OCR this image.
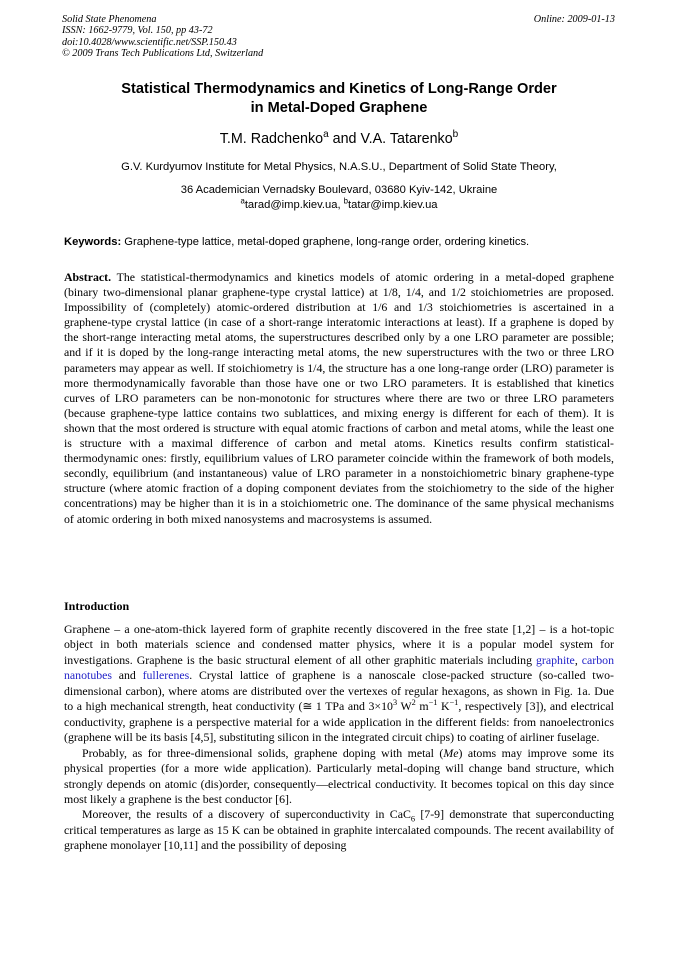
Solid State Phenomena
ISSN: 1662-9779, Vol. 150, pp 43-72
doi:10.4028/www.scientific.net/SSP.150.43
© 2009 Trans Tech Publications Ltd, Switzerland
Online: 2009-01-13
Statistical Thermodynamics and Kinetics of Long-Range Order
in Metal-Doped Graphene
T.M. Radchenko$^a$ and V.A. Tatarenko$^b$
G.V. Kurdyumov Institute for Metal Physics, N.A.S.U., Department of Solid State Theory,
36 Academician Vernadsky Boulevard, 03680 Kyiv-142, Ukraine
$^a$tarad@imp.kiev.ua, $^b$tatar@imp.kiev.ua
Keywords: Graphene-type lattice, metal-doped graphene, long-range order, ordering kinetics.
Abstract. The statistical-thermodynamics and kinetics models of atomic ordering in a metal-doped graphene (binary two-dimensional planar graphene-type crystal lattice) at 1/8, 1/4, and 1/2 stoichiometries are proposed. Impossibility of (completely) atomic-ordered distribution at 1/6 and 1/3 stoichiometries is ascertained in a graphene-type crystal lattice (in case of a short-range interatomic interactions at least). If a graphene is doped by the short-range interacting metal atoms, the superstructures described only by a one LRO parameter are possible; and if it is doped by the long-range interacting metal atoms, the new superstructures with the two or three LRO parameters may appear as well. If stoichiometry is 1/4, the structure has a one long-range order (LRO) parameter is more thermodynamically favorable than those have one or two LRO parameters. It is established that kinetics curves of LRO parameters can be non-monotonic for structures where there are two or three LRO parameters (because graphene-type lattice contains two sublattices, and mixing energy is different for each of them). It is shown that the most ordered is structure with equal atomic fractions of carbon and metal atoms, while the least one is structure with a maximal difference of carbon and metal atoms. Kinetics results confirm statistical-thermodynamic ones: firstly, equilibrium values of LRO parameter coincide within the framework of both models, secondly, equilibrium (and instantaneous) value of LRO parameter in a nonstoichiometric binary graphene-type structure (where atomic fraction of a doping component deviates from the stoichiometry to the side of the higher concentrations) may be higher than it is in a stoichiometric one. The dominance of the same physical mechanisms of atomic ordering in both mixed nanosystems and macrosystems is assumed.
Introduction

Graphene – a one-atom-thick layered form of graphite recently discovered in the free state [1,2] – is a hot-topic object in both materials science and condensed matter physics, where it is a popular model system for investigations. Graphene is the basic structural element of all other graphitic materials including graphite, carbon nanotubes and fullerenes. Crystal lattice of graphene is a nanoscale close-packed structure (so-called two-dimensional carbon), where atoms are distributed over the vertexes of regular hexagons, as shown in Fig. 1a. Due to a high mechanical strength, heat conductivity (≅ 1 TPa and $3\times 10^3$ $W^2$ $m^{-1}$ $K^{-1}$, respectively [3]), and electrical conductivity, graphene is a perspective material for a wide application in the different fields: from nanoelectronics (graphene will be its basis [4,5], substituting silicon in the integrated circuit chips) to coating of airliner fuselage.

Probably, as for three-dimensional solids, graphene doping with metal (Me) atoms may improve some its physical properties (for a more wide application). Particularly metal-doping will change band structure, which strongly depends on atomic (dis)order, consequently—electrical conductivity. It becomes topical on this day since most likely a graphene is the best conductor [6].

Moreover, the results of a discovery of superconductivity in CaC$_6$ [7-9] demonstrate that superconducting critical temperatures as large as 15 K can be obtained in graphite intercalated compounds. The recent availability of graphene monolayer [10,11] and the possibility of deposing
